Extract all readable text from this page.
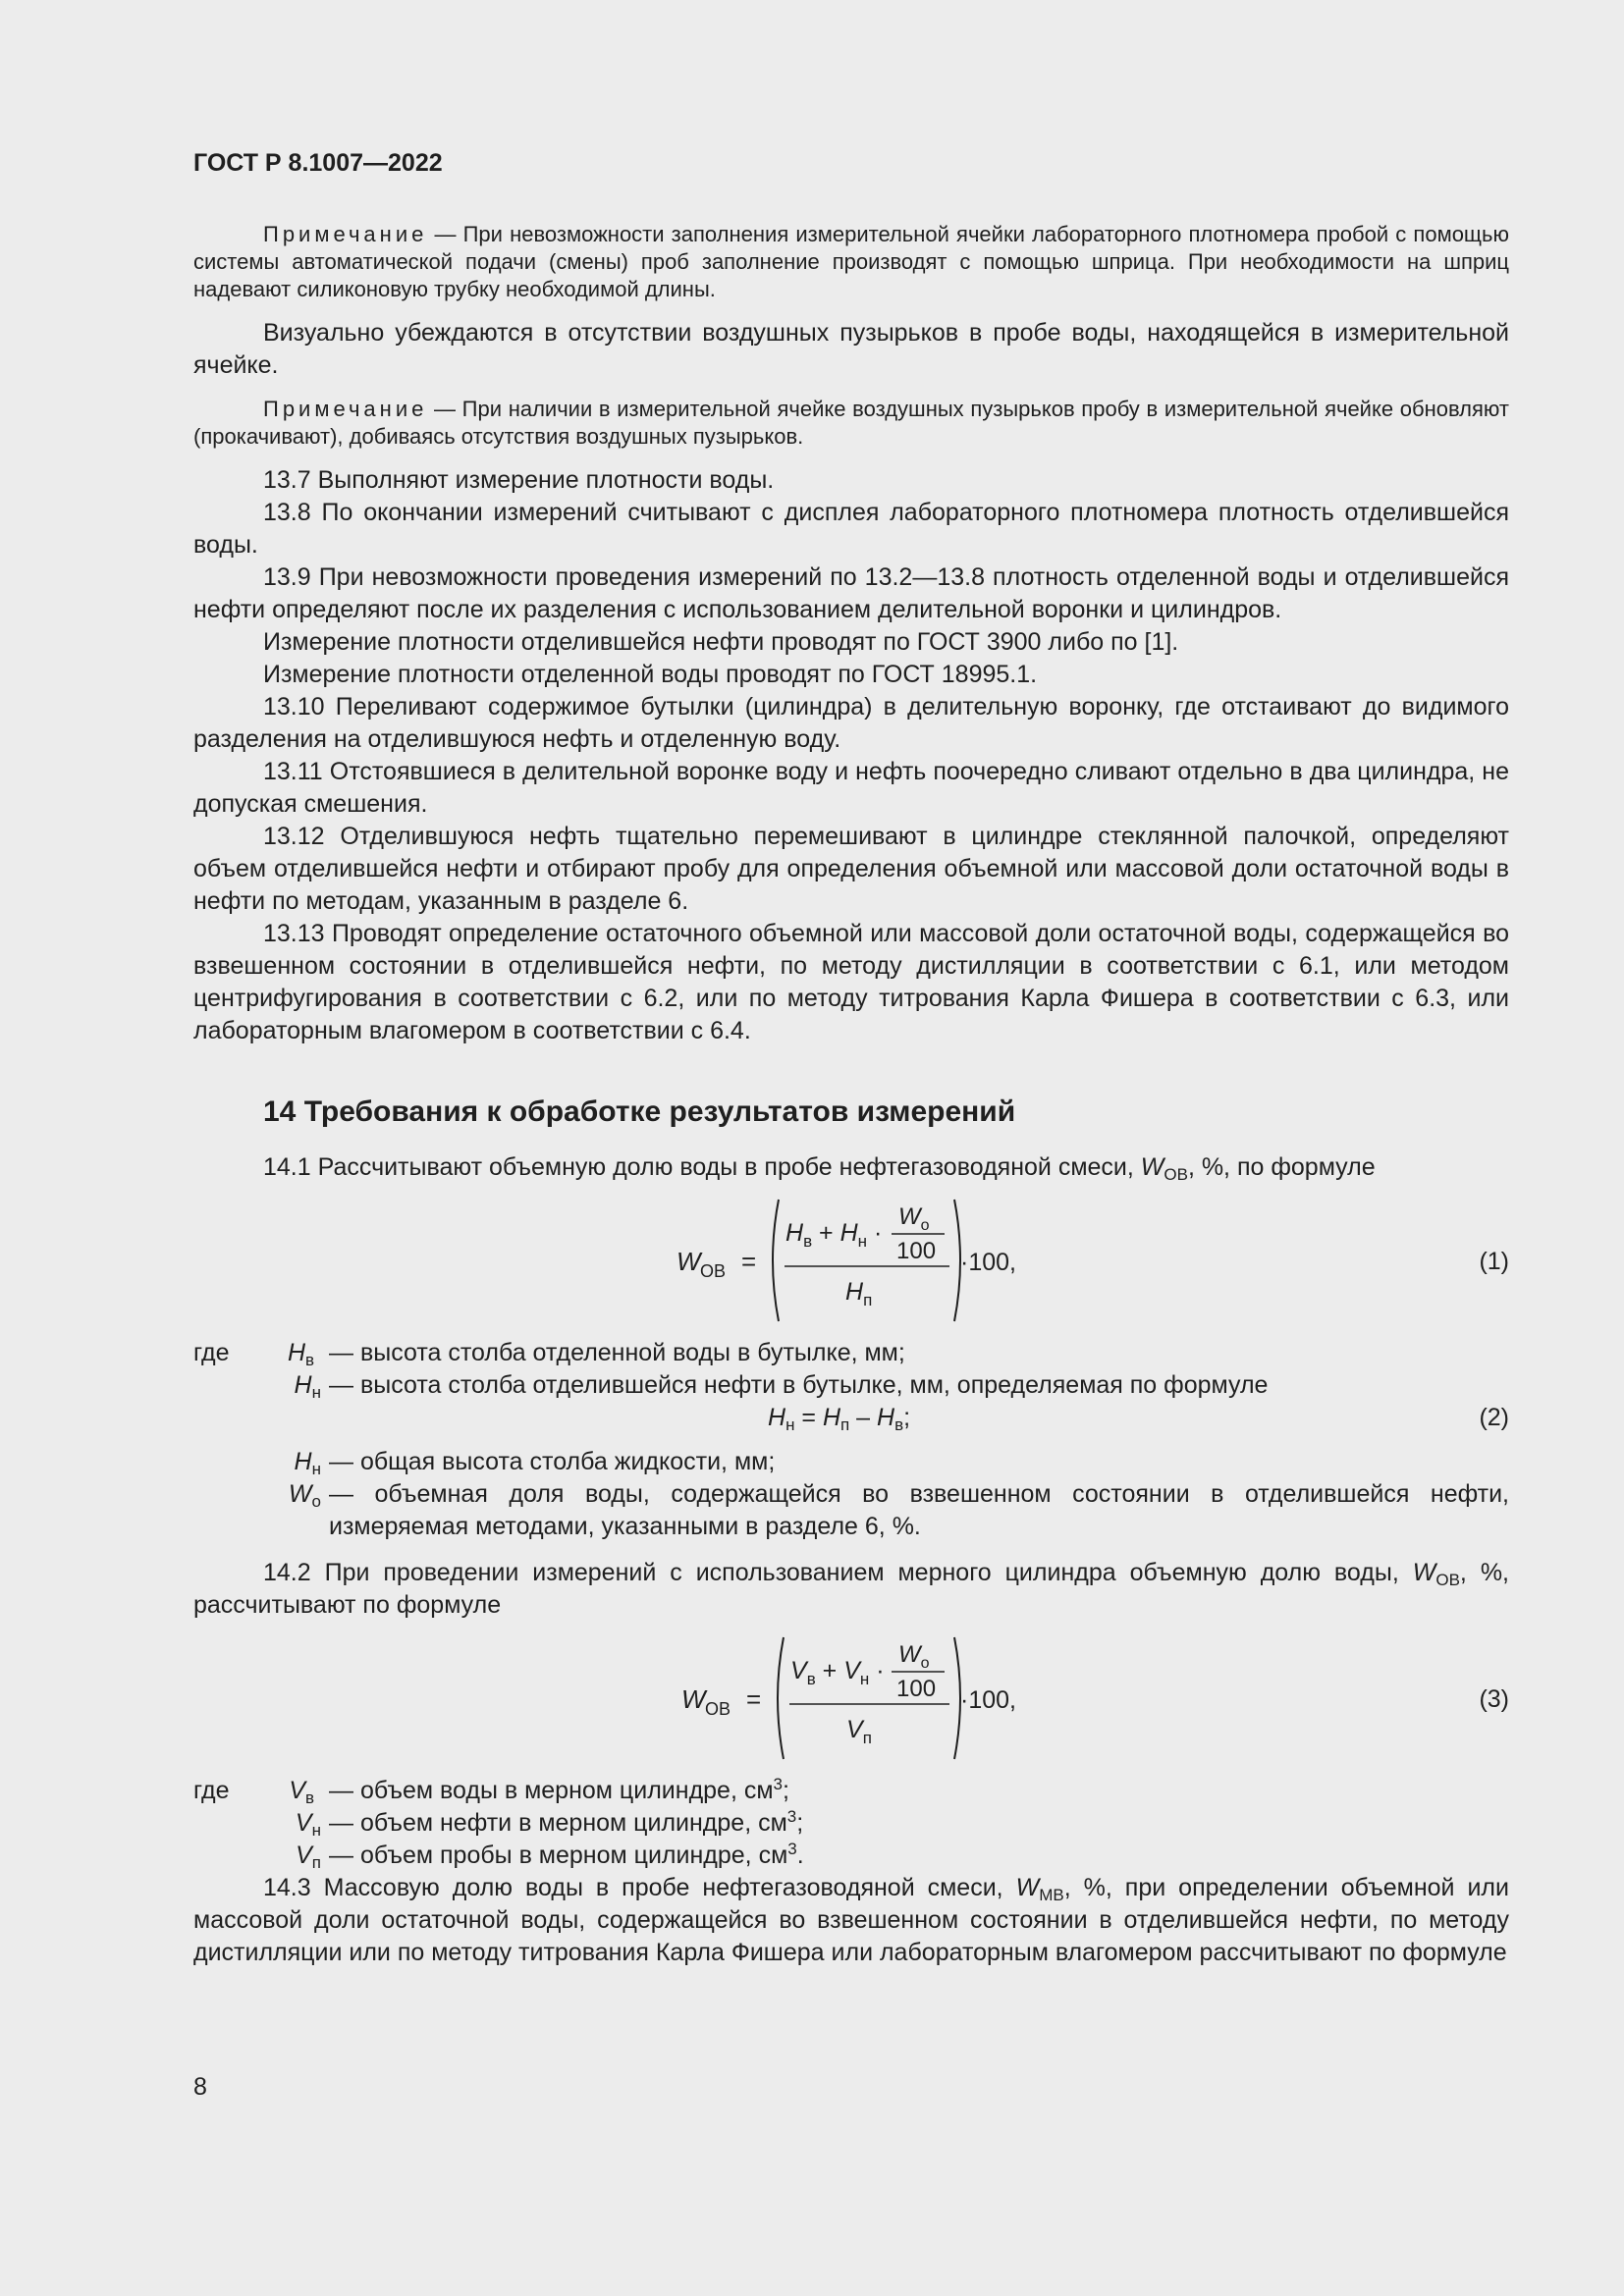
ГОСТ Р 8.1007—2022

Примечание — При невозможности заполнения измерительной ячейки лабораторного плотномера пробой с помощью системы автоматической подачи (смены) проб заполнение производят с помощью шприца. При необходимости на шприц надевают силиконовую трубку необходимой длины.

Визуально убеждаются в отсутствии воздушных пузырьков в пробе воды, находящейся в измерительной ячейке.

Примечание — При наличии в измерительной ячейке воздушных пузырьков пробу в измерительной ячейке обновляют (прокачивают), добиваясь отсутствия воздушных пузырьков.

13.7 Выполняют измерение плотности воды.

13.8 По окончании измерений считывают с дисплея лабораторного плотномера плотность отделившейся воды.

13.9 При невозможности проведения измерений по 13.2—13.8 плотность отделенной воды и отделившейся нефти определяют после их разделения с использованием делительной воронки и цилиндров.

Измерение плотности отделившейся нефти проводят по ГОСТ 3900 либо по [1].

Измерение плотности отделенной воды проводят по ГОСТ 18995.1.

13.10 Переливают содержимое бутылки (цилиндра) в делительную воронку, где отстаивают до видимого разделения на отделившуюся нефть и отделенную воду.

13.11 Отстоявшиеся в делительной воронке воду и нефть поочередно сливают отдельно в два цилиндра, не допуская смешения.

13.12 Отделившуюся нефть тщательно перемешивают в цилиндре стеклянной палочкой, определяют объем отделившейся нефти и отбирают пробу для определения объемной или массовой доли остаточной воды в нефти по методам, указанным в разделе 6.

13.13 Проводят определение остаточного объемной или массовой доли остаточной воды, содержащейся во взвешенном состоянии в отделившейся нефти, по методу дистилляции в соответствии с 6.1, или методом центрифугирования в соответствии с 6.2, или по методу титрования Карла Фишера в соответствии с 6.3, или лабораторным влагомером в соответствии с 6.4.

14 Требования к обработке результатов измерений

14.1 Рассчитывают объемную долю воды в пробе нефтегазоводяной смеси, $W_{ОВ}$, %, по формуле

W ОВ =
$H_в + H_н$ ·
$W_о$
100
$H_п$
·100,	(1)
где $H_в$ — высота столба отделенной воды в бутылке, мм;
$H_н$ — высота столба отделившейся нефти в бутылке, мм, определяемая по формуле
$H_н = H_п - H_в$;	(2)
$H_н$ — общая высота столба жидкости, мм;
$W_о$ — объемная доля воды, содержащейся во взвешенном состоянии в отделившейся нефти, измеряемая методами, указанными в разделе 6, %.

14.2 При проведении измерений с использованием мерного цилиндра объемную долю воды, $W_{ОВ}$, %, рассчитывают по формуле

W ОВ =
$V_в + V_н$ ·
$W_о$
100
$V_п$
·100,	(3)
где $V_в$ — объем воды в мерном цилиндре, $см^3$;
$V_н$ — объем нефти в мерном цилиндре, $см^3$;
$V_п$ — объем пробы в мерном цилиндре, $см^3$.

14.3 Массовую долю воды в пробе нефтегазоводяной смеси, $W_{МВ}$, %, при определении объемной или массовой доли остаточной воды, содержащейся во взвешенном состоянии в отделившейся нефти, по методу дистилляции или по методу титрования Карла Фишера или лабораторным влагомером рассчитывают по формуле

8
